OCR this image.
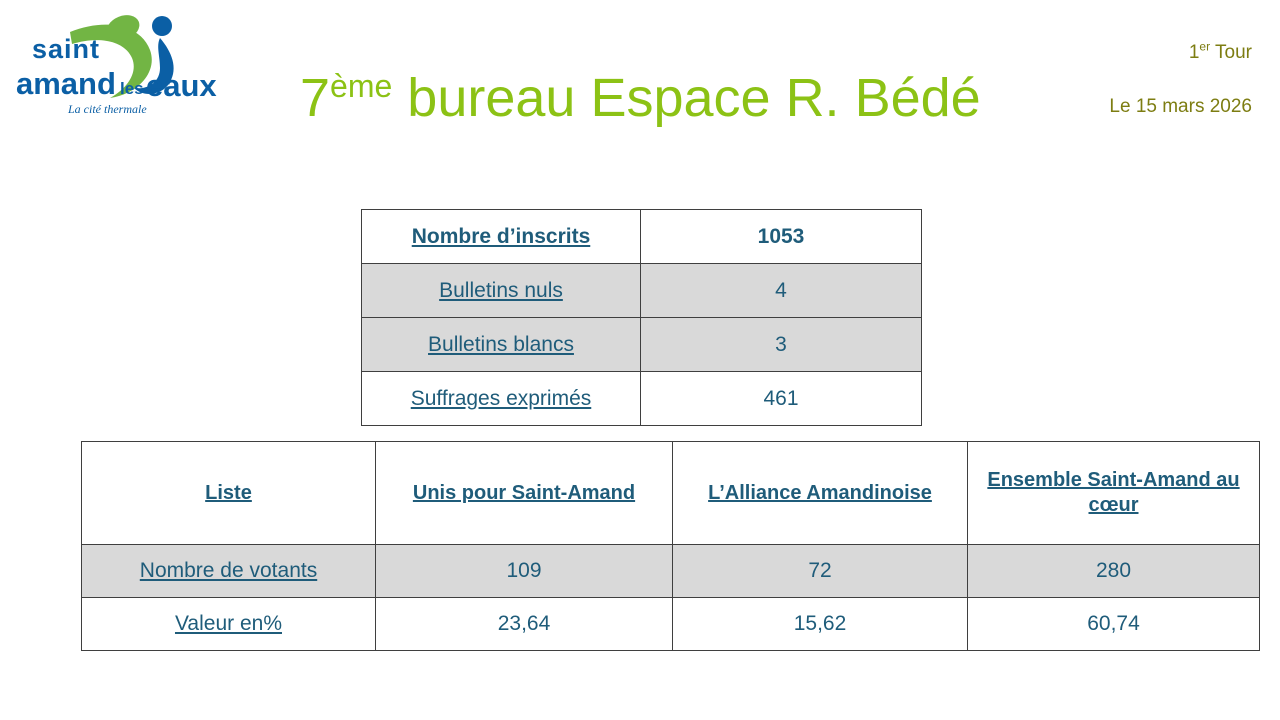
saint
amand les eaux
La cité thermale	7ème bureau Espace R. Bédé
1er Tour
Le 15 mars 2026
Nombre d’inscrits	1053
Bulletins nuls	4
Bulletins blancs	3
Suffrages exprimés	461
Liste	Unis pour Saint-Amand	L’Alliance Amandinoise	Ensemble Saint-Amand au cœur
Nombre de votants	109	72	280
Valeur en%	23,64	15,62	60,74
